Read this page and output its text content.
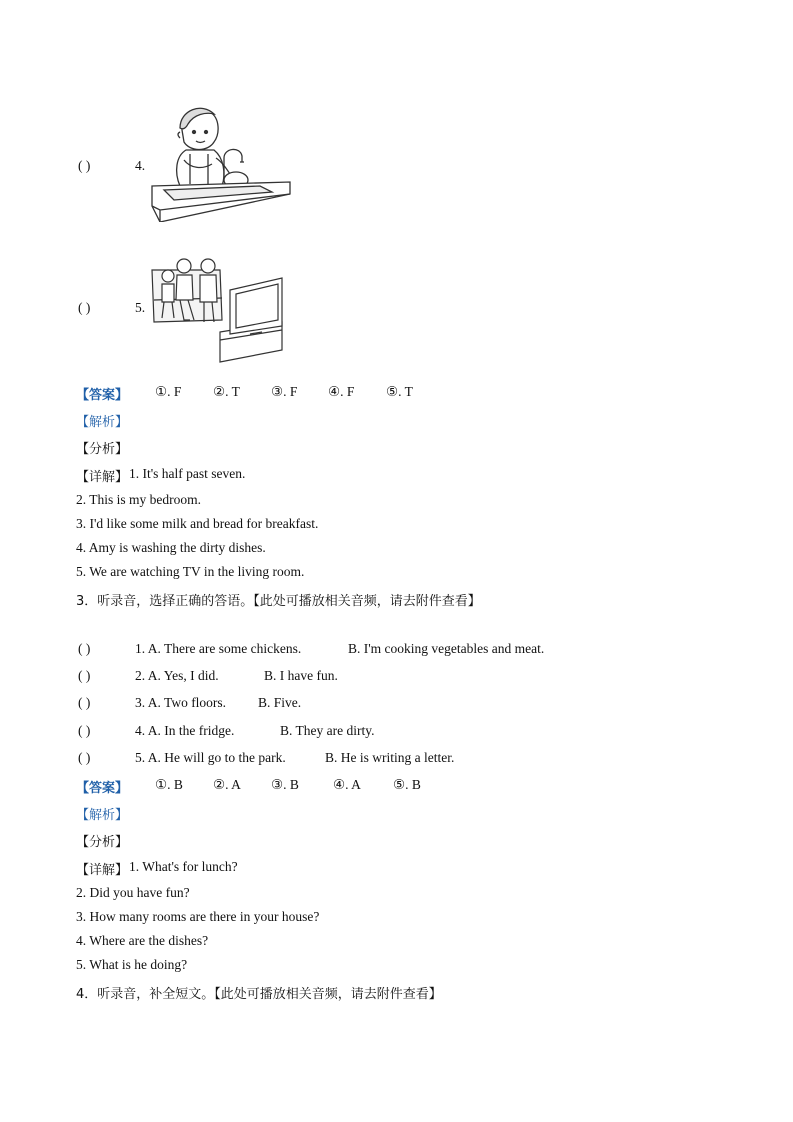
( )	4.
( )	5.
【答案】 ①. F ②. T ③. F ④. F ⑤. T
【解析】
【分析】
【详解】 1. It's half past seven.
2. This is my bedroom.
3. I'd like some milk and bread for breakfast.
4. Amy is washing the dirty dishes.
5. We are watching TV in the living room.
3．听录音，选择正确的答语。【此处可播放相关音频，请去附件查看】
( )	1. A. There are some chickens.	B. I'm cooking vegetables and meat.
( )	2. A. Yes, I did.	B. I have fun.
( )	3. A. Two floors. B. Five.
( )	4. A. In the fridge.	B. They are dirty.
( )	5. A. He will go to the park.	B. He is writing a letter.
【答案】 ①. B ②. A ③. B	④. A ⑤. B
【解析】
【分析】
【详解】 1. What's for lunch?
2. Did you have fun?
3. How many rooms are there in your house?
4. Where are the dishes?
5. What is he doing?
4．听录音，补全短文。【此处可播放相关音频，请去附件查看】
